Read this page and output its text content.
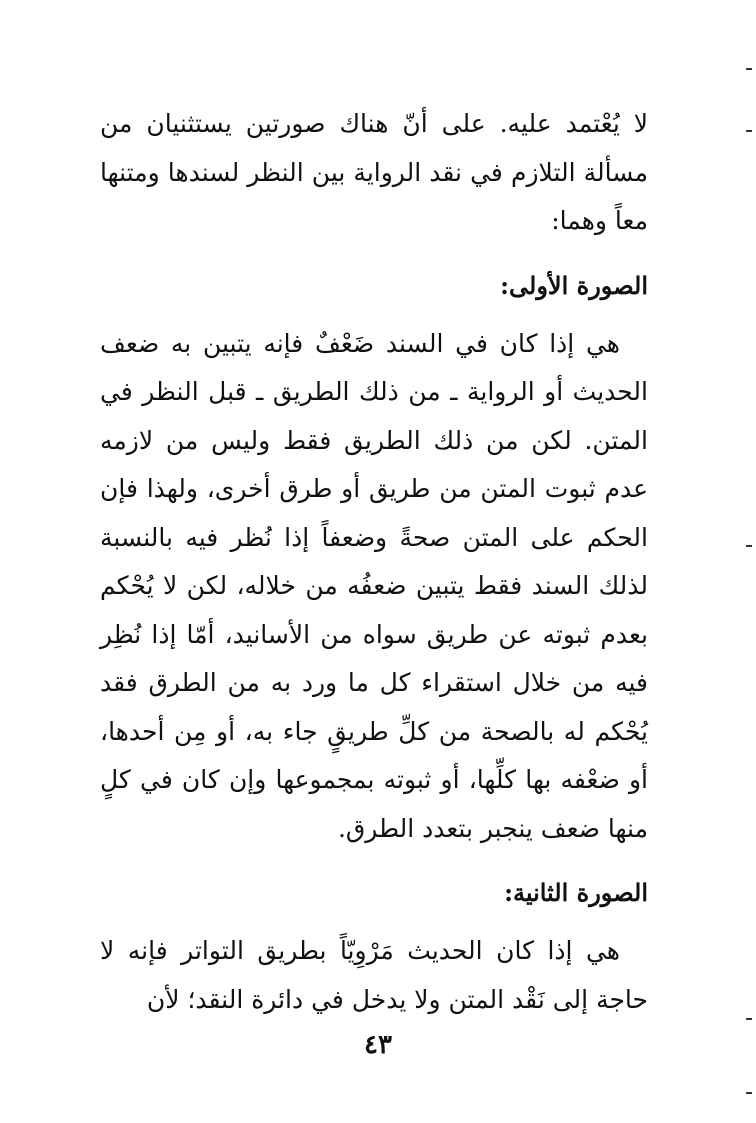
لا يُعْتمد عليه. على أنّ هناك صورتين يستثنيان من مسألة التلازم في نقد الرواية بين النظر لسندها ومتنها معاً وهما:

الصورة الأولى:

هي إذا كان في السند ضَعْفٌ فإنه يتبين به ضعف الحديث أو الرواية ـ من ذلك الطريق ـ قبل النظر في المتن. لكن من ذلك الطريق فقط وليس من لازمه عدم ثبوت المتن من طريق أو طرق أخرى، ولهذا فإن الحكم على المتن صحةً وضعفاً إذا نُظر فيه بالنسبة لذلك السند فقط يتبين ضعفُه من خلاله، لكن لا يُحْكم بعدم ثبوته عن طريق سواه من الأسانيد، أمّا إذا نُظِر فيه من خلال استقراء كل ما ورد به من الطرق فقد يُحْكم له بالصحة من كلِّ طريقٍ جاء به، أو مِن أحدها، أو ضعْفه بها كلِّها، أو ثبوته بمجموعها وإن كان في كلٍ منها ضعف ينجبر بتعدد الطرق.

الصورة الثانية:

هي إذا كان الحديث مَرْوِيّاً بطريق التواتر فإنه لا حاجة إلى نَقْد المتن ولا يدخل في دائرة النقد؛ لأن

٤٣
